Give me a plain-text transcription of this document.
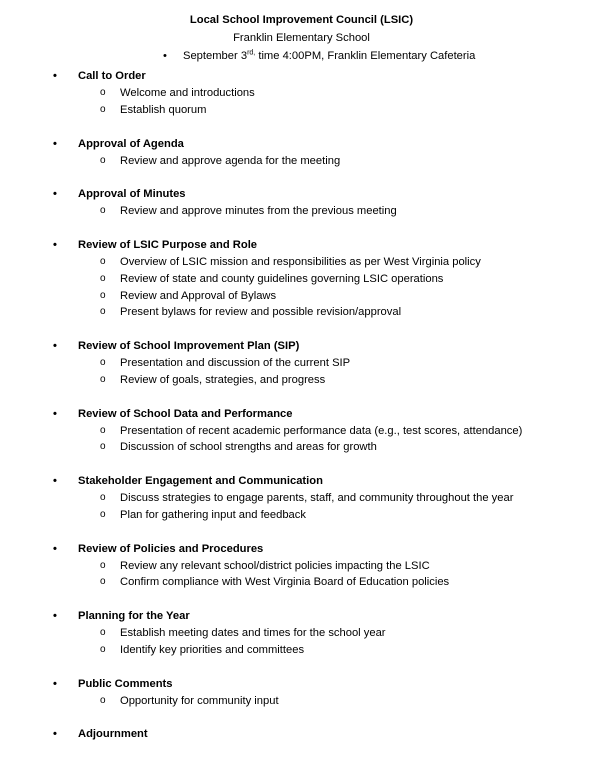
Local School Improvement Council (LSIC)
Franklin Elementary School
• September $3^{rd,}$ time 4:00PM, Franklin Elementary Cafeteria
• Call to Order
o Welcome and introductions
o Establish quorum
• Approval of Agenda
o Review and approve agenda for the meeting
• Approval of Minutes
o Review and approve minutes from the previous meeting
• Review of LSIC Purpose and Role
o Overview of LSIC mission and responsibilities as per West Virginia policy
o Review of state and county guidelines governing LSIC operations
o Review and Approval of Bylaws
o Present bylaws for review and possible revision/approval
• Review of School Improvement Plan (SIP)
o Presentation and discussion of the current SIP
o Review of goals, strategies, and progress
• Review of School Data and Performance
o Presentation of recent academic performance data (e.g., test scores, attendance)
o Discussion of school strengths and areas for growth
• Stakeholder Engagement and Communication
o Discuss strategies to engage parents, staff, and community throughout the year
o Plan for gathering input and feedback
• Review of Policies and Procedures
o Review any relevant school/district policies impacting the LSIC
o Confirm compliance with West Virginia Board of Education policies
• Planning for the Year
o Establish meeting dates and times for the school year
o Identify key priorities and committees
• Public Comments
o Opportunity for community input
• Adjournment
